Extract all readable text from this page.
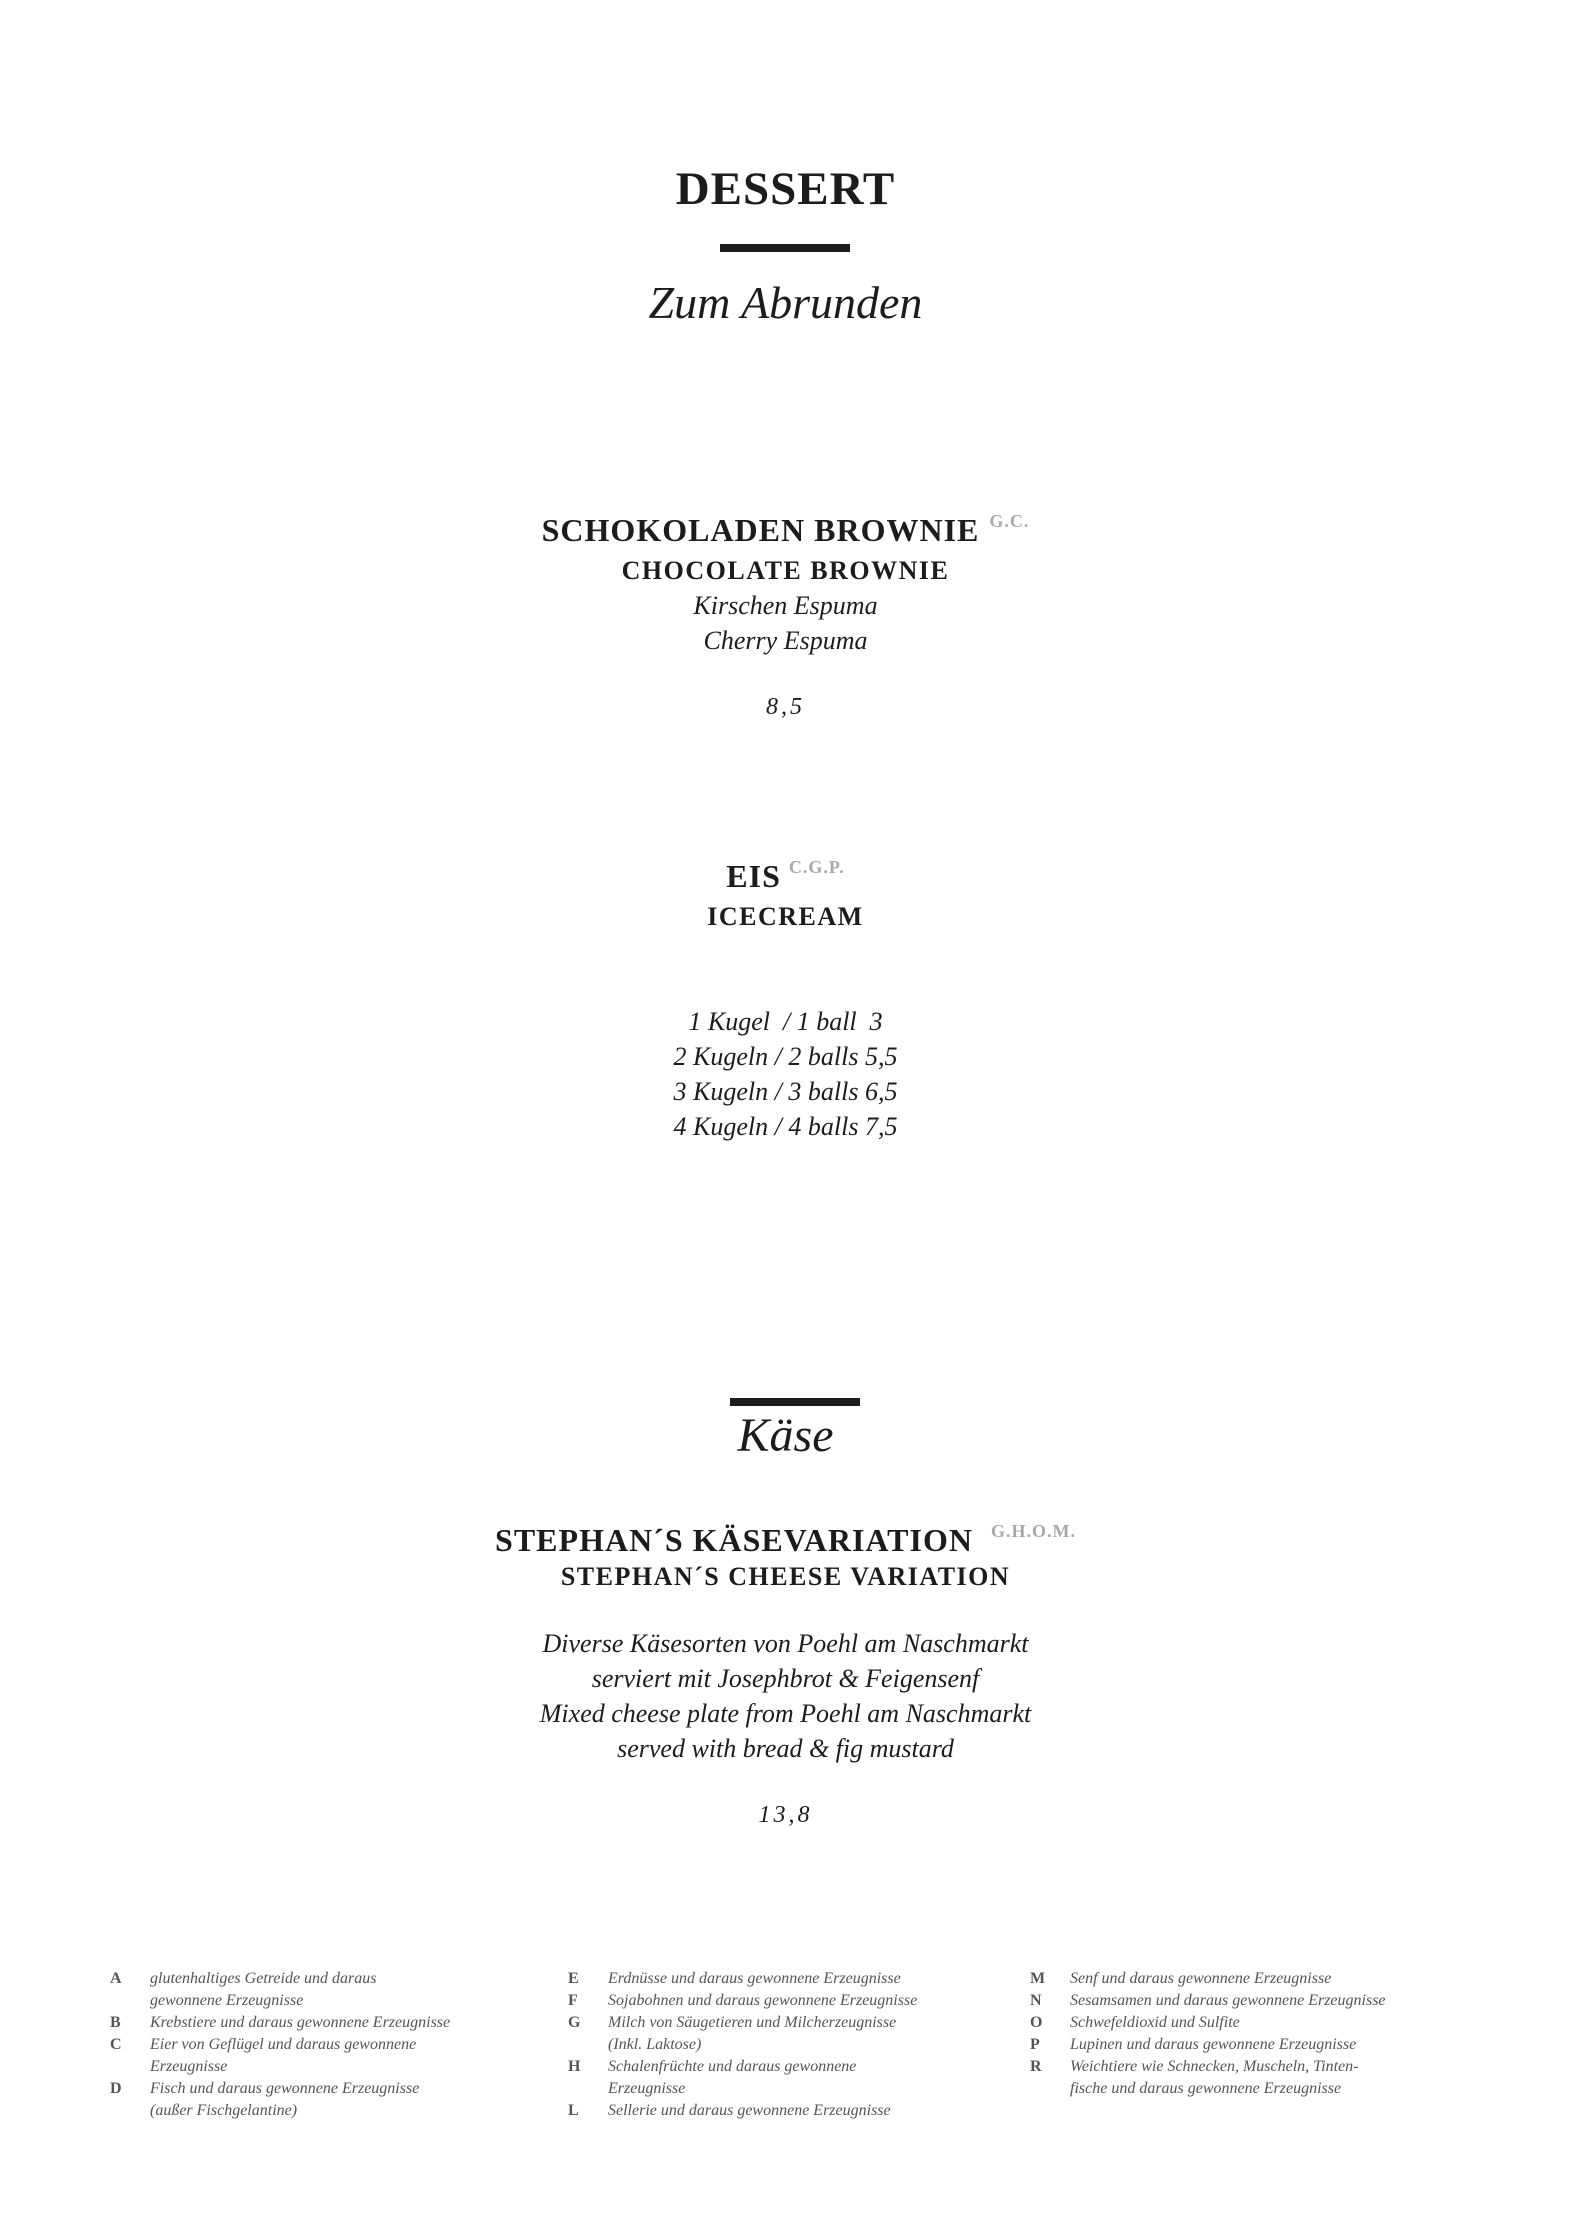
DESSERT
Zum Abrunden
SCHOKOLADEN BROWNIE G.C.
CHOCOLATE BROWNIE
Kirschen Espuma
Cherry Espuma
8,5
EIS C.G.P.
ICECREAM
1 Kugel  / 1 ball  3
2 Kugeln / 2 balls 5,5
3 Kugeln / 3 balls 6,5
4 Kugeln / 4 balls 7,5
Käse
STEPHAN´S KÄSEVARIATION G.H.O.M.
STEPHAN´S CHEESE VARIATION
Diverse Käsesorten von Poehl am Naschmarkt
serviert mit Josephbrot & Feigensenf
Mixed cheese plate from Poehl am Naschmarkt
served with bread & fig mustard
13,8
A	glutenhaltiges Getreide und daraus
gewonnene Erzeugnisse
B	Krebstiere und daraus gewonnene Erzeugnisse
C	Eier von Geflügel und daraus gewonnene
Erzeugnisse
D	Fisch und daraus gewonnene Erzeugnisse
(außer Fischgelantine)
E	Erdnüsse und daraus gewonnene Erzeugnisse
F	Sojabohnen und daraus gewonnene Erzeugnisse
G	Milch von Säugetieren und Milcherzeugnisse
(Inkl. Laktose)
H	Schalenfrüchte und daraus gewonnene
Erzeugnisse
L	Sellerie und daraus gewonnene Erzeugnisse
M	Senf und daraus gewonnene Erzeugnisse
N	Sesamsamen und daraus gewonnene Erzeugnisse
O	Schwefeldioxid und Sulfite
P	Lupinen und daraus gewonnene Erzeugnisse
R	Weichtiere wie Schnecken, Muscheln, Tinten-
fische und daraus gewonnene Erzeugnisse
